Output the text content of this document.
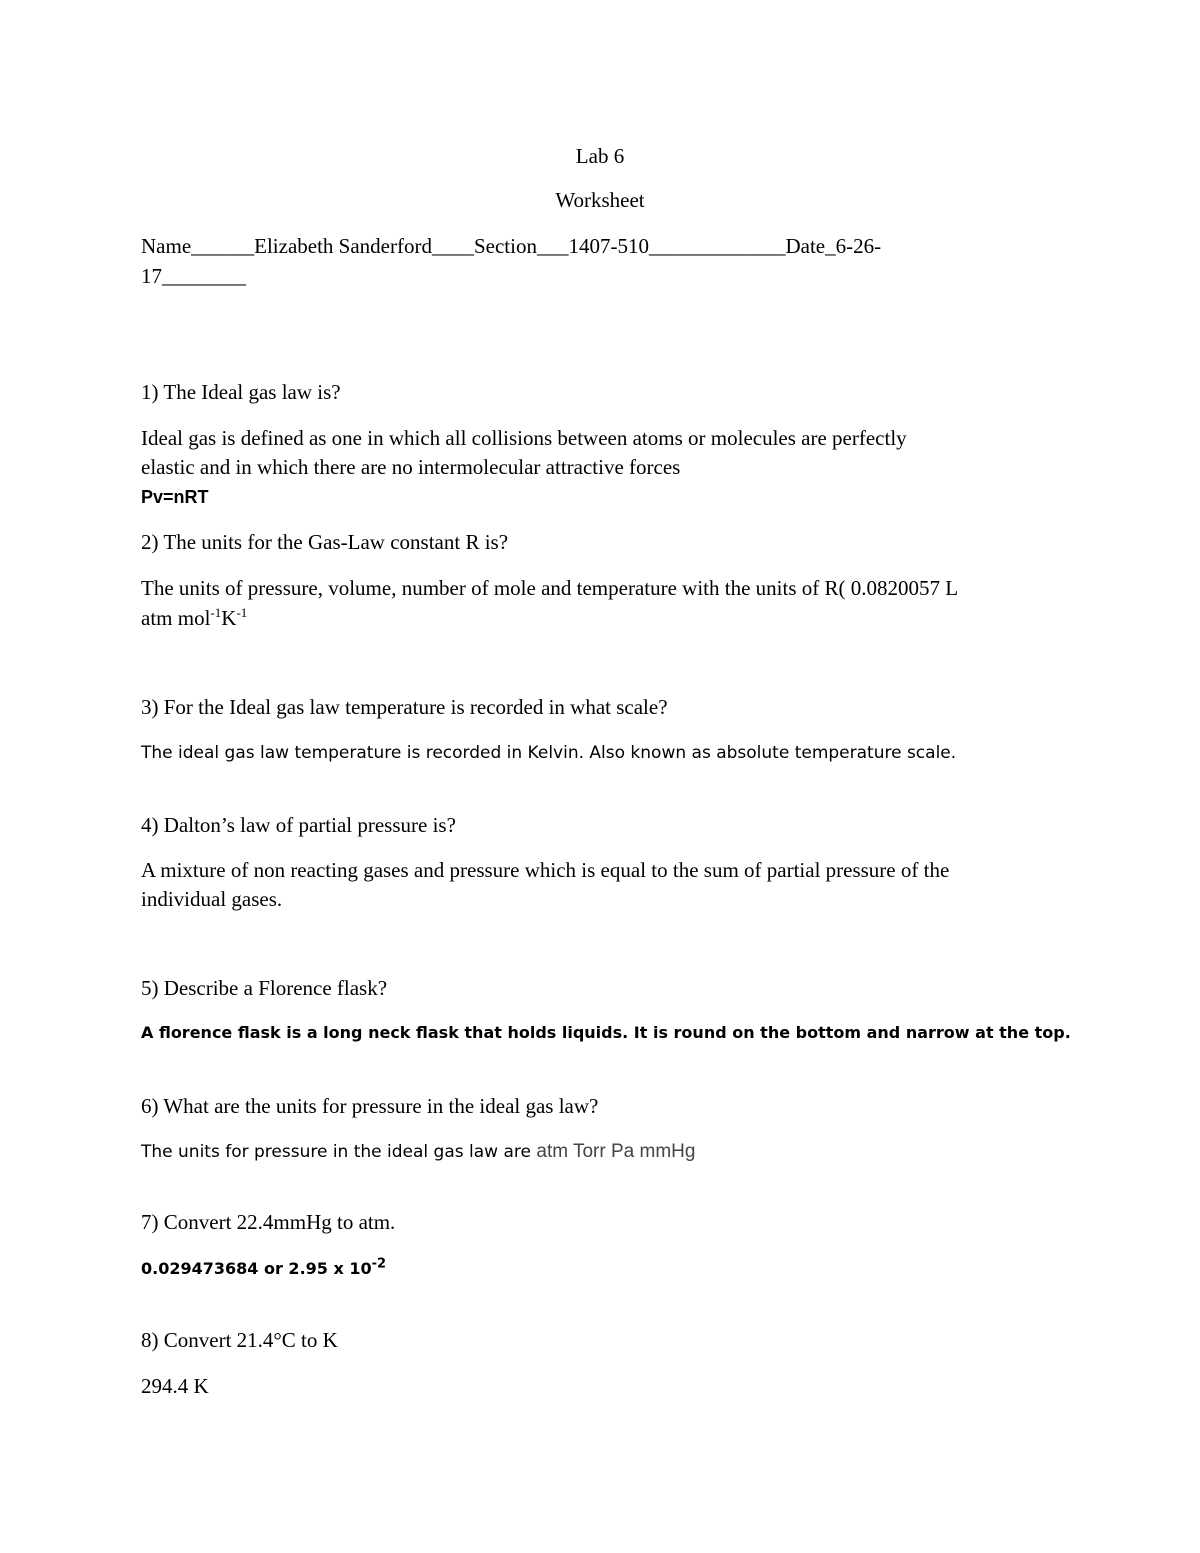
Lab 6
Worksheet
Name______Elizabeth Sanderford____Section___1407-510_____________Date_6-26-
17________
1) The Ideal gas law is?
Ideal gas is defined as one in which all collisions between atoms or molecules are perfectly
elastic and in which there are no intermolecular attractive forces
Pv=nRT
2) The units for the Gas-Law constant R is?
The units of pressure, volume, number of mole and temperature with the units of R( 0.0820057 L
atm $mol^{-1}K^{-1}$
3) For the Ideal gas law temperature is recorded in what scale?
The ideal gas law temperature is recorded in Kelvin. Also known as absolute temperature scale.
4) Dalton’s law of partial pressure is?
A mixture of non reacting gases and pressure which is equal to the sum of partial pressure of the
individual gases.
5) Describe a Florence flask?
A florence flask is a long neck flask that holds liquids. It is round on the bottom and narrow at the top.
6) What are the units for pressure in the ideal gas law?
The units for pressure in the ideal gas law are atm Torr Pa mmHg
7) Convert 22.4mmHg to atm.
0.029473684 or 2.95 x $10^{-2}$
8) Convert 21.4°C to K
294.4 K
